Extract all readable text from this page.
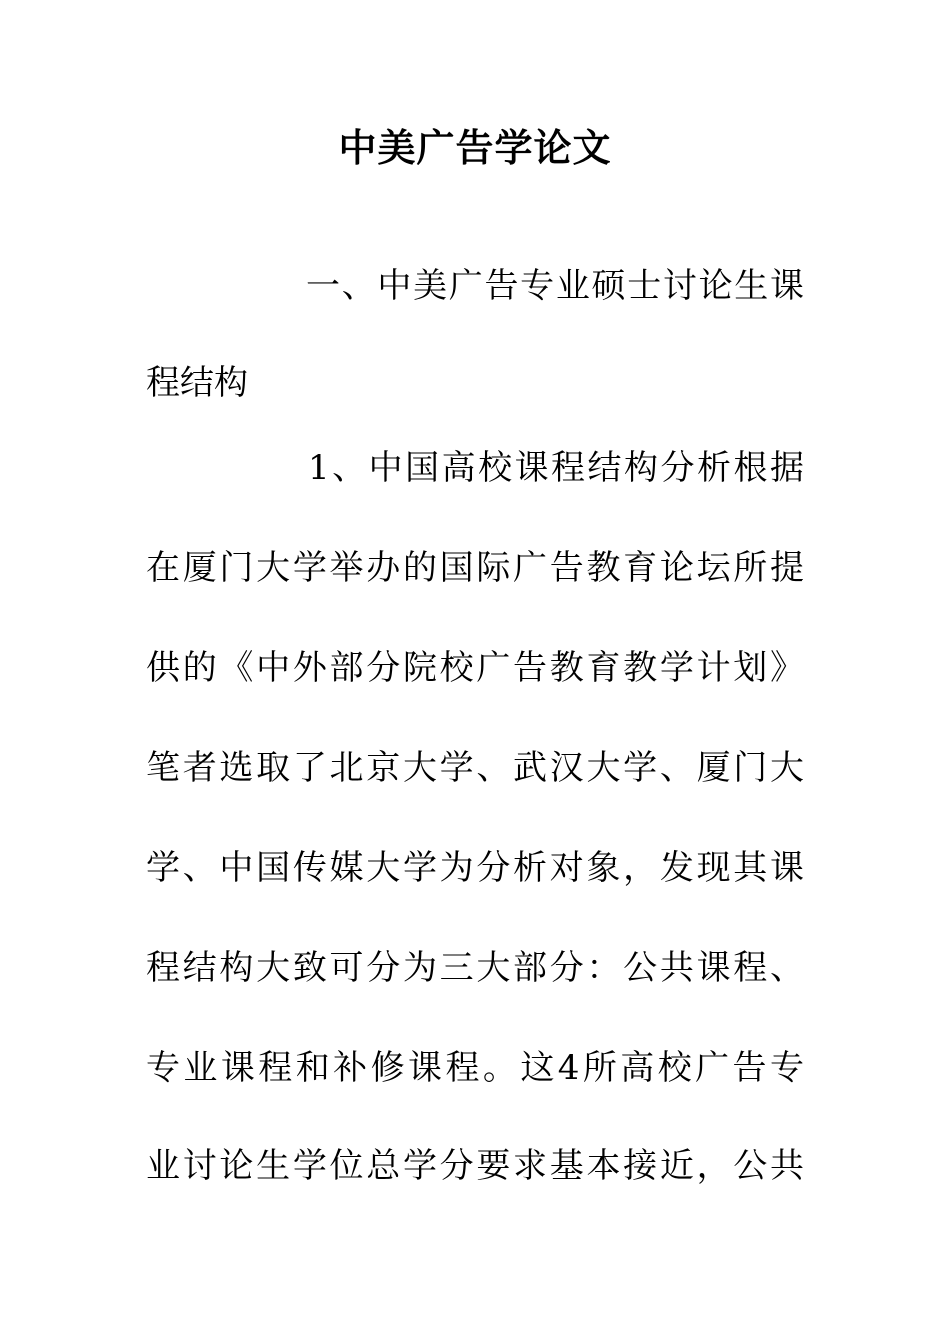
中美广告学论文
一、中美广告专业硕士讨论生课
程结构
1、中国高校课程结构分析根据
在厦门大学举办的国际广告教育论坛所提
供的《中外部分院校广告教育教学计划》
笔者选取了北京大学、武汉大学、厦门大
学、中国传媒大学为分析对象，发现其课
程结构大致可分为三大部分：公共课程、
专业课程和补修课程。这4所高校广告专
业讨论生学位总学分要求基本接近，公共
